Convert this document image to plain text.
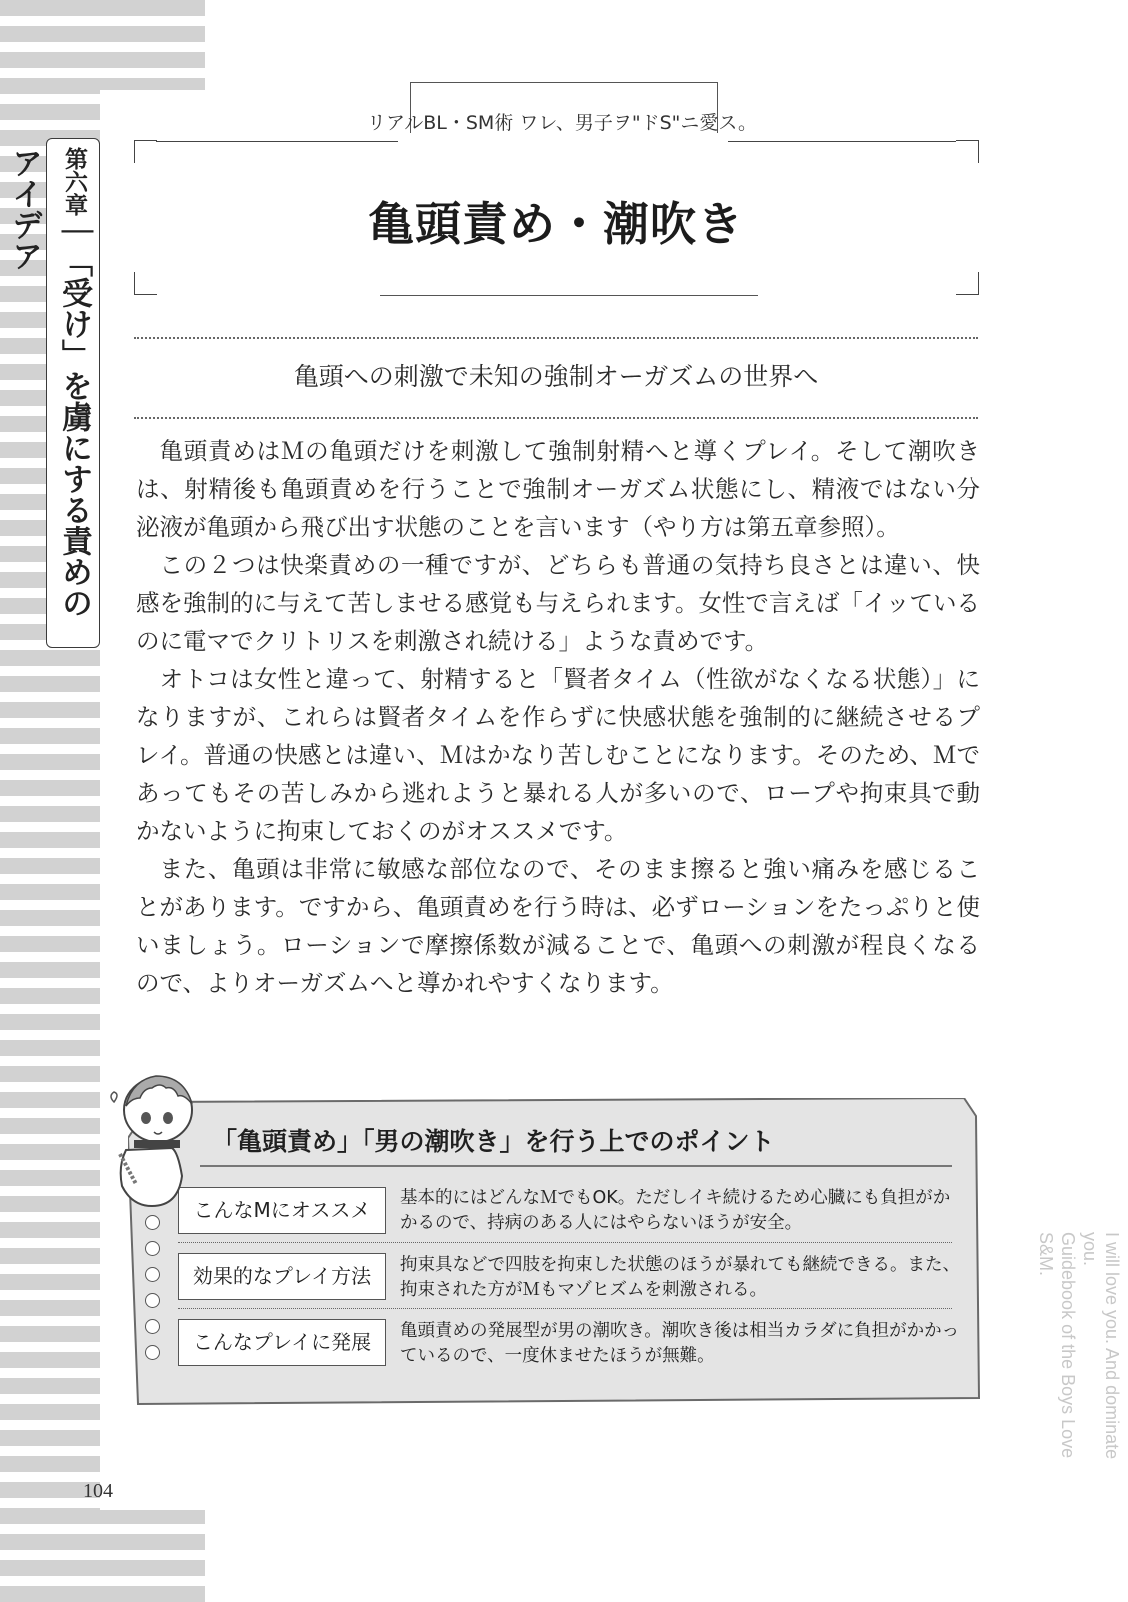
第六章｜「受け」を虜にする責めのアイデア
I will love you. And dominate you.
Guidebook of the Boys Love S&M.
104
リアルBL・SM術 ワレ、男子ヲ"ドS"ニ愛ス。
亀頭責め・潮吹き
亀頭への刺激で未知の強制オーガズムの世界へ

亀頭責めはＭの亀頭だけを刺激して強制射精へと導くプレイ。そして潮吹きは、射精後も亀頭責めを行うことで強制オーガズム状態にし、精液ではない分泌液が亀頭から飛び出す状態のことを言います（やり方は第五章参照）。

この２つは快楽責めの一種ですが、どちらも普通の気持ち良さとは違い、快感を強制的に与えて苦しませる感覚も与えられます。女性で言えば「イッているのに電マでクリトリスを刺激され続ける」ような責めです。

オトコは女性と違って、射精すると「賢者タイム（性欲がなくなる状態）」になりますが、これらは賢者タイムを作らずに快感状態を強制的に継続させるプレイ。普通の快感とは違い、Ｍはかなり苦しむことになります。そのため、Ｍであってもその苦しみから逃れようと暴れる人が多いので、ロープや拘束具で動かないように拘束しておくのがオススメです。

また、亀頭は非常に敏感な部位なので、そのまま擦ると強い痛みを感じることがあります。ですから、亀頭責めを行う時は、必ずローションをたっぷりと使いましょう。ローションで摩擦係数が減ることで、亀頭への刺激が程良くなるので、よりオーガズムへと導かれやすくなります。

「亀頭責め」「男の潮吹き」を行う上でのポイント
こんなMにオススメ	基本的にはどんなＭでもOK。ただしイキ続けるため心臓にも負担がかかるので、持病のある人にはやらないほうが安全。
効果的なプレイ方法	拘束具などで四肢を拘束した状態のほうが暴れても継続できる。また、拘束された方がＭもマゾヒズムを刺激される。
こんなプレイに発展	亀頭責めの発展型が男の潮吹き。潮吹き後は相当カラダに負担がかかっているので、一度休ませたほうが無難。
